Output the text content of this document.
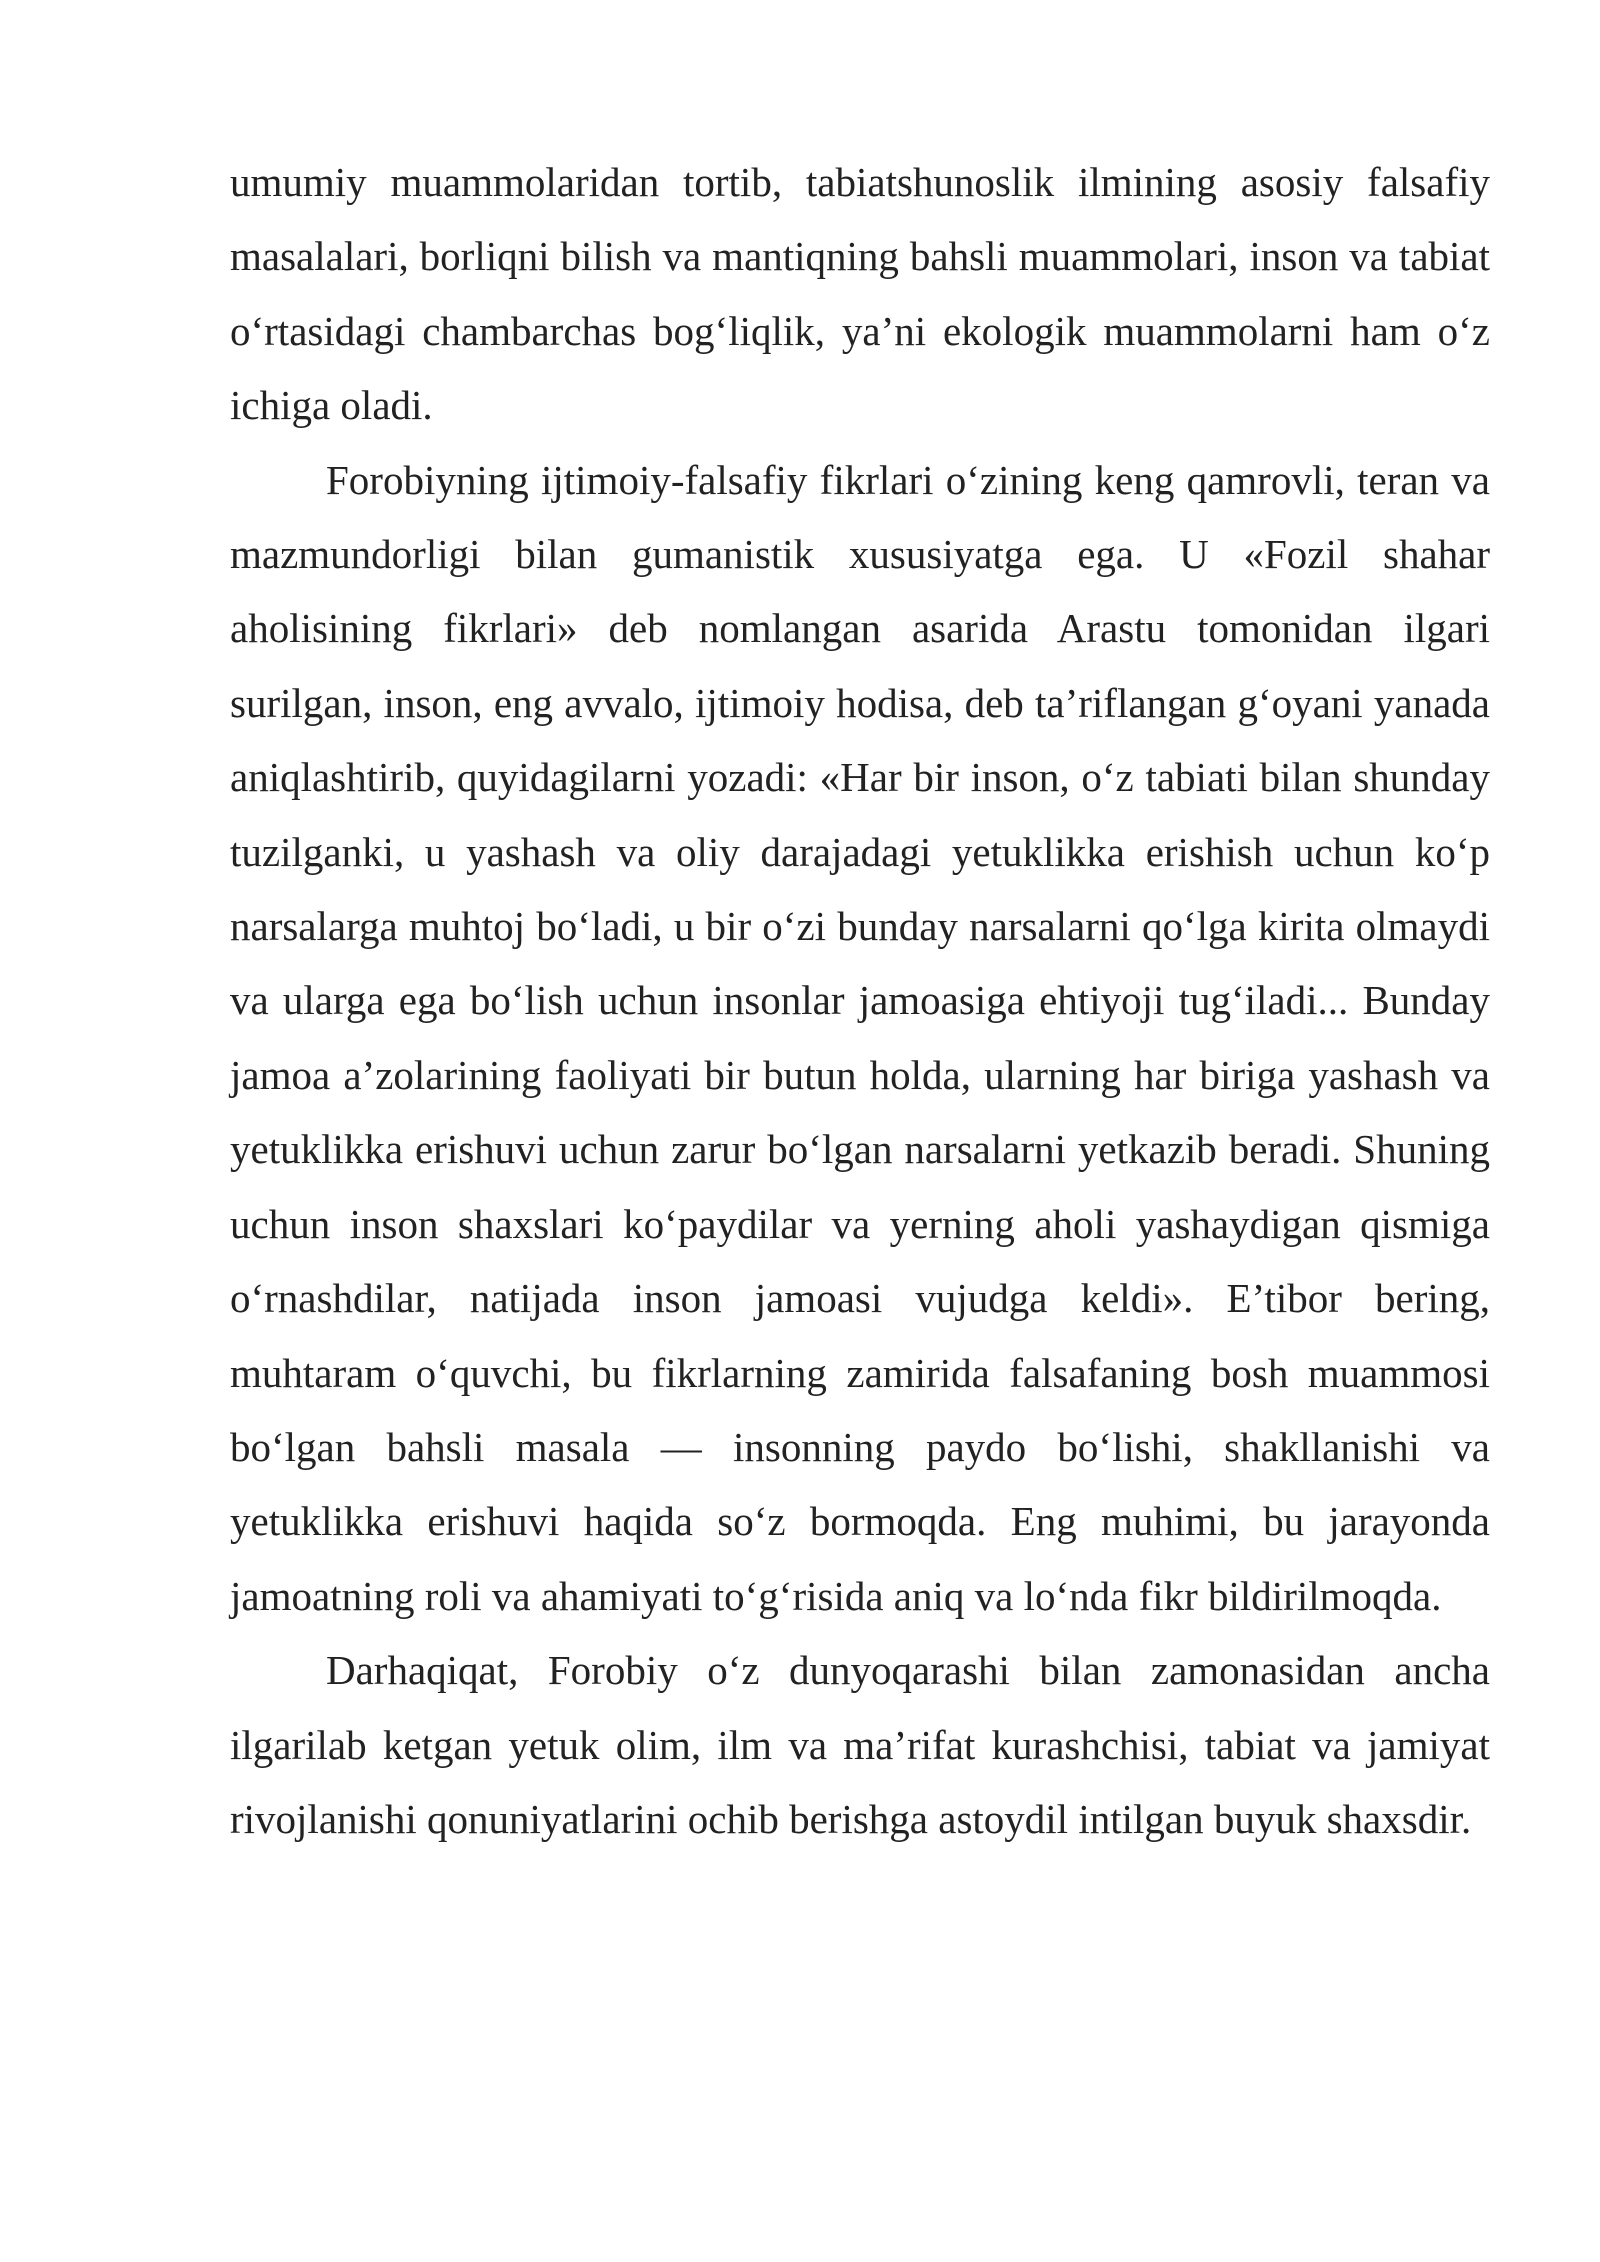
umumiy muammolaridan tortib, tabiatshunoslik ilmining asosiy falsafiy masalalari, borliqni bilish va mantiqning bahsli muammolari, inson va tabiat o‘rtasidagi chambarchas bog‘liqlik, ya’ni ekologik muammolarni ham o‘z ichiga oladi.

Forobiyning ijtimoiy-falsafiy fikrlari o‘zining keng qamrovli, teran va mazmundorligi bilan gumanistik xususiyatga ega. U «Fozil shahar aholisining fikrlari» deb nomlangan asarida Arastu tomonidan ilgari surilgan, inson, eng avvalo, ijtimoiy hodisa, deb ta’riflangan g‘oyani yanada aniqlashtirib, quyidagilarni yozadi: «Har bir inson, o‘z tabiati bilan shunday tuzilganki, u yashash va oliy darajadagi yetuklikka erishish uchun ko‘p narsalarga muhtoj bo‘ladi, u bir o‘zi bunday narsalarni qo‘lga kirita olmaydi va ularga ega bo‘lish uchun insonlar jamoasiga ehtiyoji tug‘iladi... Bunday jamoa a’zolarining faoliyati bir butun holda, ularning har biriga yashash va yetuklikka erishuvi uchun zarur bo‘lgan narsalarni yetkazib beradi. Shuning uchun inson shaxslari ko‘paydilar va yerning aholi yashaydigan qismiga o‘rnashdilar, natijada inson jamoasi vujudga keldi». E’tibor bering, muhtaram o‘quvchi, bu fikrlarning zamirida falsafaning bosh muammosi bo‘lgan bahsli masala — insonning paydo bo‘lishi, shakllanishi va yetuklikka erishuvi haqida so‘z bormoqda. Eng muhimi, bu jarayonda jamoatning roli va ahamiyati to‘g‘risida aniq va lo‘nda fikr bildirilmoqda.

Darhaqiqat, Forobiy o‘z dunyoqarashi bilan zamonasidan ancha ilgarilab ketgan yetuk olim, ilm va ma’rifat kurashchisi, tabiat va jamiyat rivojlanishi qonuniyatlarini ochib berishga astoydil intilgan buyuk shaxsdir.
